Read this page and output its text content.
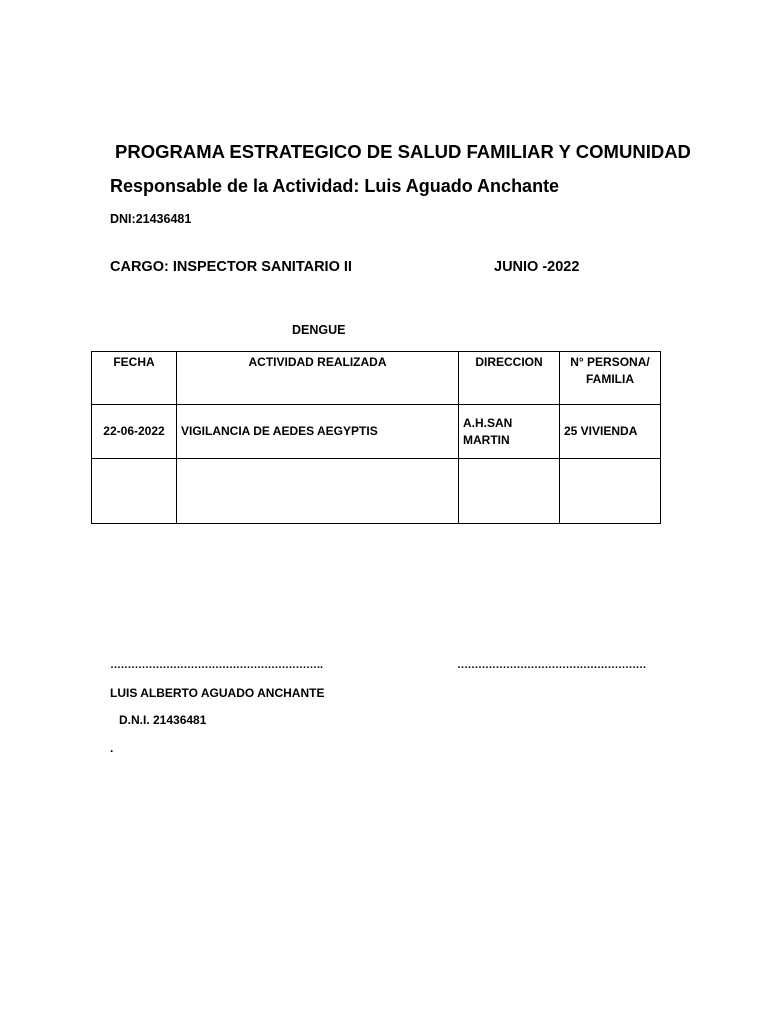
PROGRAMA ESTRATEGICO DE SALUD FAMILIAR Y COMUNIDAD
Responsable de la Actividad: Luis Aguado Anchante
DNI:21436481
CARGO: INSPECTOR SANITARIO II	JUNIO -2022
DENGUE
FECHA	ACTIVIDAD REALIZADA	DIRECCION	N° PERSONA/ FAMILIA
22-06-2022	VIGILANCIA DE AEDES AEGYPTIS	A.H.SAN MARTIN	25 VIVIENDA

…………………………………………………….	………………………………………………
LUIS ALBERTO AGUADO ANCHANTE
D.N.I. 21436481
.
